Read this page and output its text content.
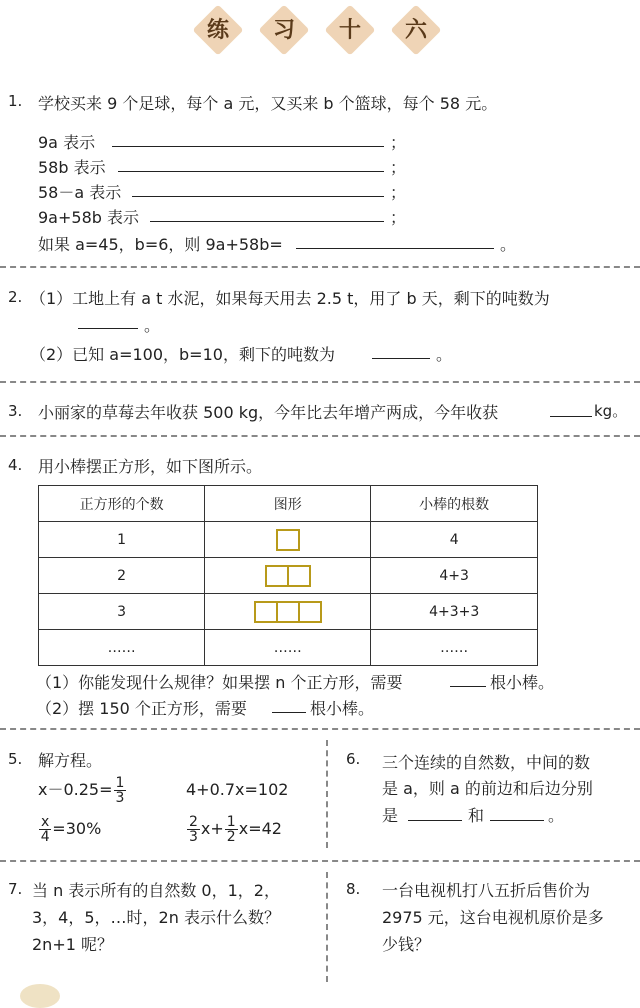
练	习	十	六
1. 学校买来 9 个足球，每个 a 元，又买来 b 个篮球，每个 58 元。
9a 表示	；
58b 表示	；
58－a 表示	；
9a+58b 表示	；
如果 a=45，b=6，则 9a+58b=	。
2. （1）工地上有 a t 水泥，如果每天用去 2.5 t，用了 b 天，剩下的吨数为
。
（2）已知 a=100，b=10，剩下的吨数为	。
3. 小丽家的草莓去年收获 500 kg，今年比去年增产两成，今年收获	kg。
4. 用小棒摆正方形，如下图所示。
正方形的个数	图形	小棒的根数
1		4
2		4+3
3		4+3+3
……	……	……
（1）你能发现什么规律？如果摆 n 个正方形，需要	根小棒。
（2）摆 150 个正方形，需要	根小棒。
5. 解方程。
$x-0.25= \frac{1}{3}$	4+0.7x=102
$\frac{x}{4} =30\%$	$\frac{2}{3} x+ \frac{1}{2} x=42$
6. 三个连续的自然数，中间的数
是 a，则 a 的前边和后边分别
是	和	。
7. 当 n 表示所有的自然数 0，1，2，
3，4，5，…时，2n 表示什么数？
2n+1 呢？
8. 一台电视机打八五折后售价为
2975 元，这台电视机原价是多
少钱？
